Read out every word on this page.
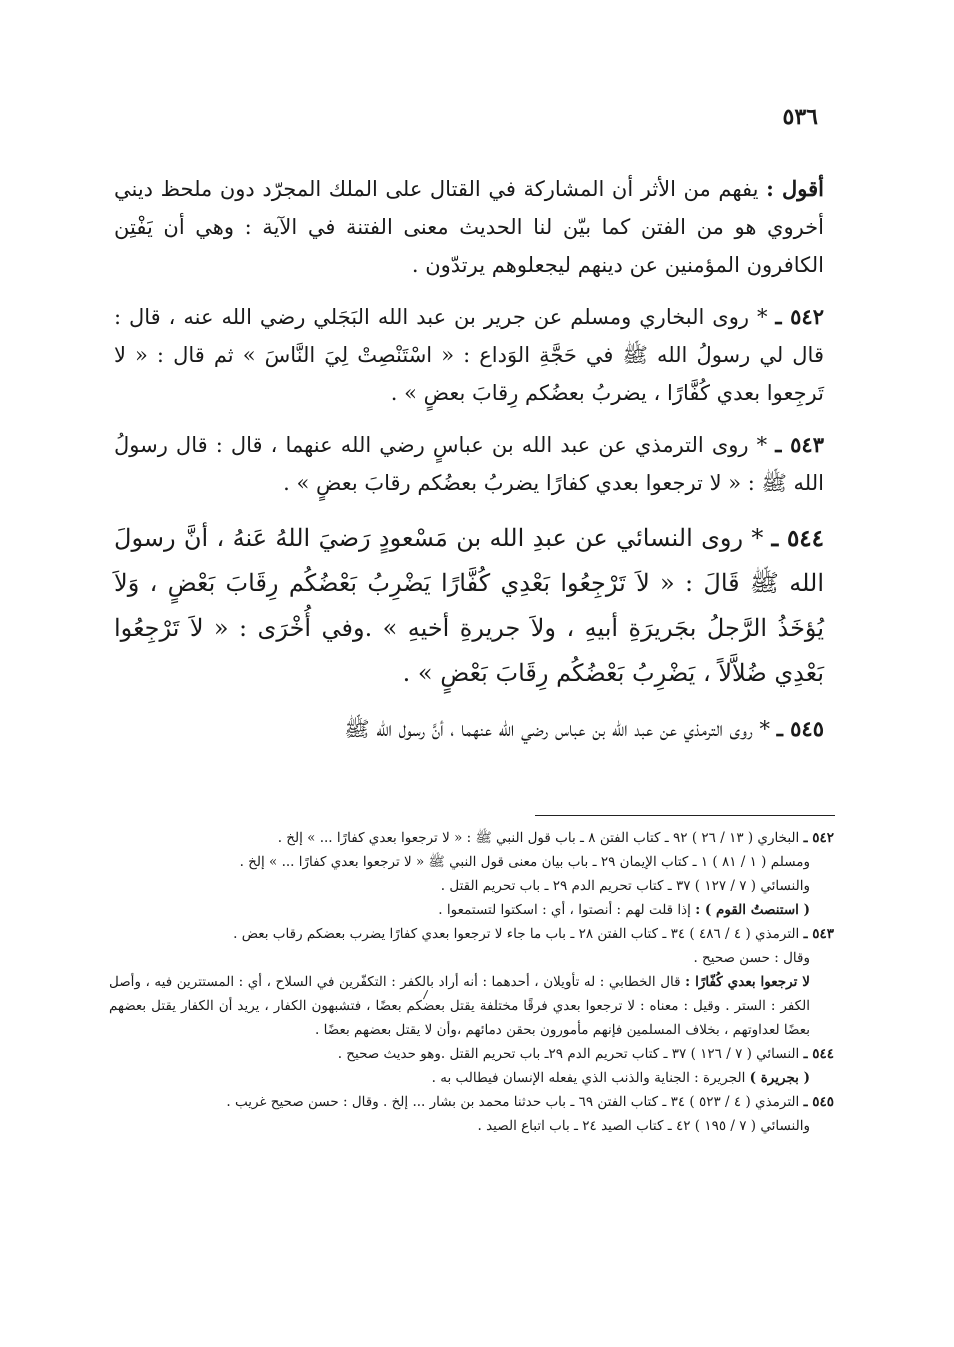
٥٣٦

أقول : يفهم من الأثر أن المشاركة في القتال على الملك المجرّد دون ملحظ ديني أخروي هو من الفتن كما بيّن لنا الحديث معنى الفتنة في الآية : وهي أن يَفْتِن الكافرون المؤمنين عن دينهم ليجعلوهم يرتدّون .

٥٤٢ ـ * روى البخاري ومسلم عن جرير بن عبد الله البَجَلي رضي الله عنه ، قال : قال لي رسولُ الله ﷺ في حَجَّةِ الوَداع : « اسْتَنْصِتْ لِيَ النَّاسَ » ثم قال : « لا تَرجِعوا بعدي كُفَّارًا ، يضربُ بعضُكم رِقابَ بعضٍ » .

٥٤٣ ـ * روى الترمذي عن عبد الله بن عباسٍ رضي الله عنهما ، قال : قال رسولُ الله ﷺ : « لا ترجعوا بعدي كفارًا يضربُ بعضُكم رقابَ بعضٍ » .

٥٤٤ ـ * روى النسائي عن عبدِ الله بن مَسْعودٍ رَضيَ اللهُ عَنهُ ، أنَّ رسولَ الله ﷺ قَالَ : « لاَ تَرْجِعُوا بَعْدِي كُفَّارًا يَضْرِبُ بَعْضُكُم رِقَابَ بَعْضٍ ، وَلاَ يُؤخَذُ الرَّجلُ بجَريرَةِ أبيهِ ، ولاَ جريرةِ أخيهِ » .وفي أُخْرَى : « لاَ تَرْجِعُوا بَعْدِي ضُلاَّلاً ، يَضْرِبُ بَعْضُكُم رِقَابَ بَعْضٍ » .

٥٤٥ ـ * روى الترمذي عن عبد الله بن عباس رضي الله عنهما ، أنَّ رسول الله ﷺ

٥٤٢ ـ البخاري ( ١٣ / ٢٦ ) ٩٢ ـ كتاب الفتن ٨ ـ باب قول النبي ﷺ : « لا ترجعوا بعدي كفارًا ... » إلخ .

ومسلم ( ١ / ٨١ ) ١ ـ كتاب الإيمان ٢٩ ـ باب بيان معنى قول النبي ﷺ « لا ترجعوا بعدي كفارًا ... » إلخ .

والنسائي ( ٧ / ١٢٧ ) ٣٧ ـ كتاب تحريم الدم ٢٩ ـ باب تحريم القتل .

( استنصتُ القوم ) : إذا قلت لهم : أنصتوا ، أي : اسكتوا لتستمعوا .

٥٤٣ ـ الترمذي ( ٤ / ٤٨٦ ) ٣٤ ـ كتاب الفتن ٢٨ ـ باب ما جاء لا ترجعوا بعدي كفارًا يضرب بعضكم رقاب بعض .

وقال : حسن صحيح .

لا ترجعوا بعدي كُفّارًا : قال الخطابي : له تأويلان ، أحدهما : أنه أراد بالكفر : التكفّرين في السلاح ، أي : المستترين فيه ، وأصل الكفر : الستر . وقيل : معناه : لا ترجعوا بعدي فرقًا مختلفة يقتل بعضكم بعضًا ، فتشبهون الكفار ، يريد أن الكفار يقتل بعضهم بعضًا لعداوتهم ، بخلاف المسلمين فإنهم مأمورون بحقن دمائهم ،وأن لا يقتل بعضهم بعضًا .

٥٤٤ ـ النسائي ( ٧ / ١٢٦ ) ٣٧ ـ كتاب تحريم الدم ٢٩ـ باب تحريم القتل .وهو حديث صحيح .

( بجريرة ) الجريرة : الجناية والذنب الذي يفعله الإنسان فيطالب به .

٥٤٥ ـ الترمذي ( ٤ / ٥٢٣ ) ٣٤ ـ كتاب الفتن ٦٩ ـ باب حدثنا محمد بن بشار ... إلخ . وقال : حسن صحيح غريب .

والنسائي ( ٧ / ١٩٥ ) ٤٢ ـ كتاب الصيد ٢٤ ـ باب اتباع الصيد .
